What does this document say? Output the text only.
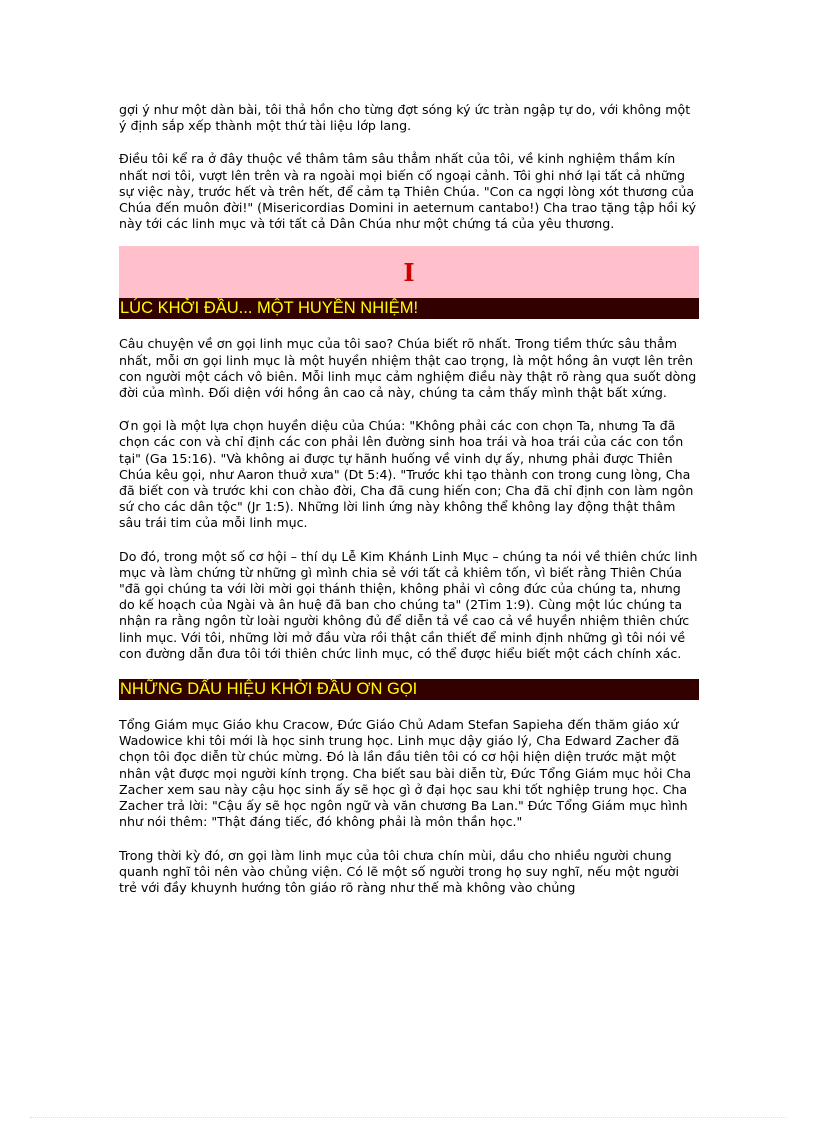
gợi ý như một dàn bài, tôi thả hồn cho từng đợt sóng ký ức tràn ngập tự do, với không một ý định sắp xếp thành một thứ tài liệu lớp lang.

Điều tôi kể ra ở đây thuộc về thâm tâm sâu thẳm nhất của tôi, về kinh nghiệm thầm kín nhất nơi tôi, vượt lên trên và ra ngoài mọi biến cố ngoại cảnh. Tôi ghi nhớ lại tất cả những sự việc này, trước hết và trên hết, để cảm tạ Thiên Chúa. "Con ca ngợi lòng xót thương của Chúa đến muôn đời!" (Misericordias Domini in aeternum cantabo!) Cha trao tặng tập hồi ký này tới các linh mục và tới tất cả Dân Chúa như một chứng tá của yêu thương.

I
LÚC KHỞI ĐẦU... MỘT HUYỀN NHIỆM!

Câu chuyện về ơn gọi linh mục của tôi sao? Chúa biết rõ nhất. Trong tiềm thức sâu thẳm nhất, mỗi ơn gọi linh mục là một huyền nhiệm thật cao trọng, là một hồng ân vượt lên trên con người một cách vô biên. Mỗi linh mục cảm nghiệm điều này thật rõ ràng qua suốt dòng đời của mình. Đối diện với hồng ân cao cả này, chúng ta cảm thấy mình thật bất xứng.

Ơn gọi là một lựa chọn huyền diệu của Chúa: "Không phải các con chọn Ta, nhưng Ta đã chọn các con và chỉ định các con phải lên đường sinh hoa trái và hoa trái của các con tồn tại" (Ga 15:16). "Và không ai được tự hãnh huống về vinh dự ấy, nhưng phải được Thiên Chúa kêu gọi, như Aaron thuở xưa" (Dt 5:4). "Trước khi tạo thành con trong cung lòng, Cha đã biết con và trước khi con chào đời, Cha đã cung hiến con; Cha đã chỉ định con làm ngôn sứ cho các dân tộc" (Jr 1:5). Những lời linh ứng này không thể không lay động thật thâm sâu trái tim của mỗi linh mục.

Do đó, trong một số cơ hội – thí dụ Lễ Kim Khánh Linh Mục – chúng ta nói về thiên chức linh mục và làm chứng từ những gì mình chia sẻ với tất cả khiêm tốn, vì biết rằng Thiên Chúa "đã gọi chúng ta với lời mời gọi thánh thiện, không phải vì công đức của chúng ta, nhưng do kế hoạch của Ngài và ân huệ đã ban cho chúng ta" (2Tim 1:9). Cùng một lúc chúng ta nhận ra rằng ngôn từ loài người không đủ để diễn tả về cao cả về huyền nhiệm thiên chức linh mục. Với tôi, những lời mở đầu vừa rồi thật cần thiết để minh định những gì tôi nói về con đường dẫn đưa tôi tới thiên chức linh mục, có thể được hiểu biết một cách chính xác.

NHỮNG DẤU HIỆU KHỞI ĐẦU ƠN GỌI

Tổng Giám mục Giáo khu Cracow, Đức Giáo Chủ Adam Stefan Sapieha đến thăm giáo xứ Wadowice khi tôi mới là học sinh trung học. Linh mục dậy giáo lý, Cha Edward Zacher đã chọn tôi đọc diễn từ chúc mừng. Đó là lần đầu tiên tôi có cơ hội hiện diện trước mặt một nhân vật được mọi người kính trọng. Cha biết sau bài diễn từ, Đức Tổng Giám mục hỏi Cha Zacher xem sau này cậu học sinh ấy sẽ học gì ở đại học sau khi tốt nghiệp trung học. Cha Zacher trả lời: "Cậu ấy sẽ học ngôn ngữ và văn chương Ba Lan." Đức Tổng Giám mục hình như nói thêm: "Thật đáng tiếc, đó không phải là môn thần học."

Trong thời kỳ đó, ơn gọi làm linh mục của tôi chưa chín mùi, dầu cho nhiều người chung quanh nghĩ tôi nên vào chủng viện. Có lẽ một số người trong họ suy nghĩ, nếu một người trẻ với đầy khuynh hướng tôn giáo rõ ràng như thế mà không vào chủng
